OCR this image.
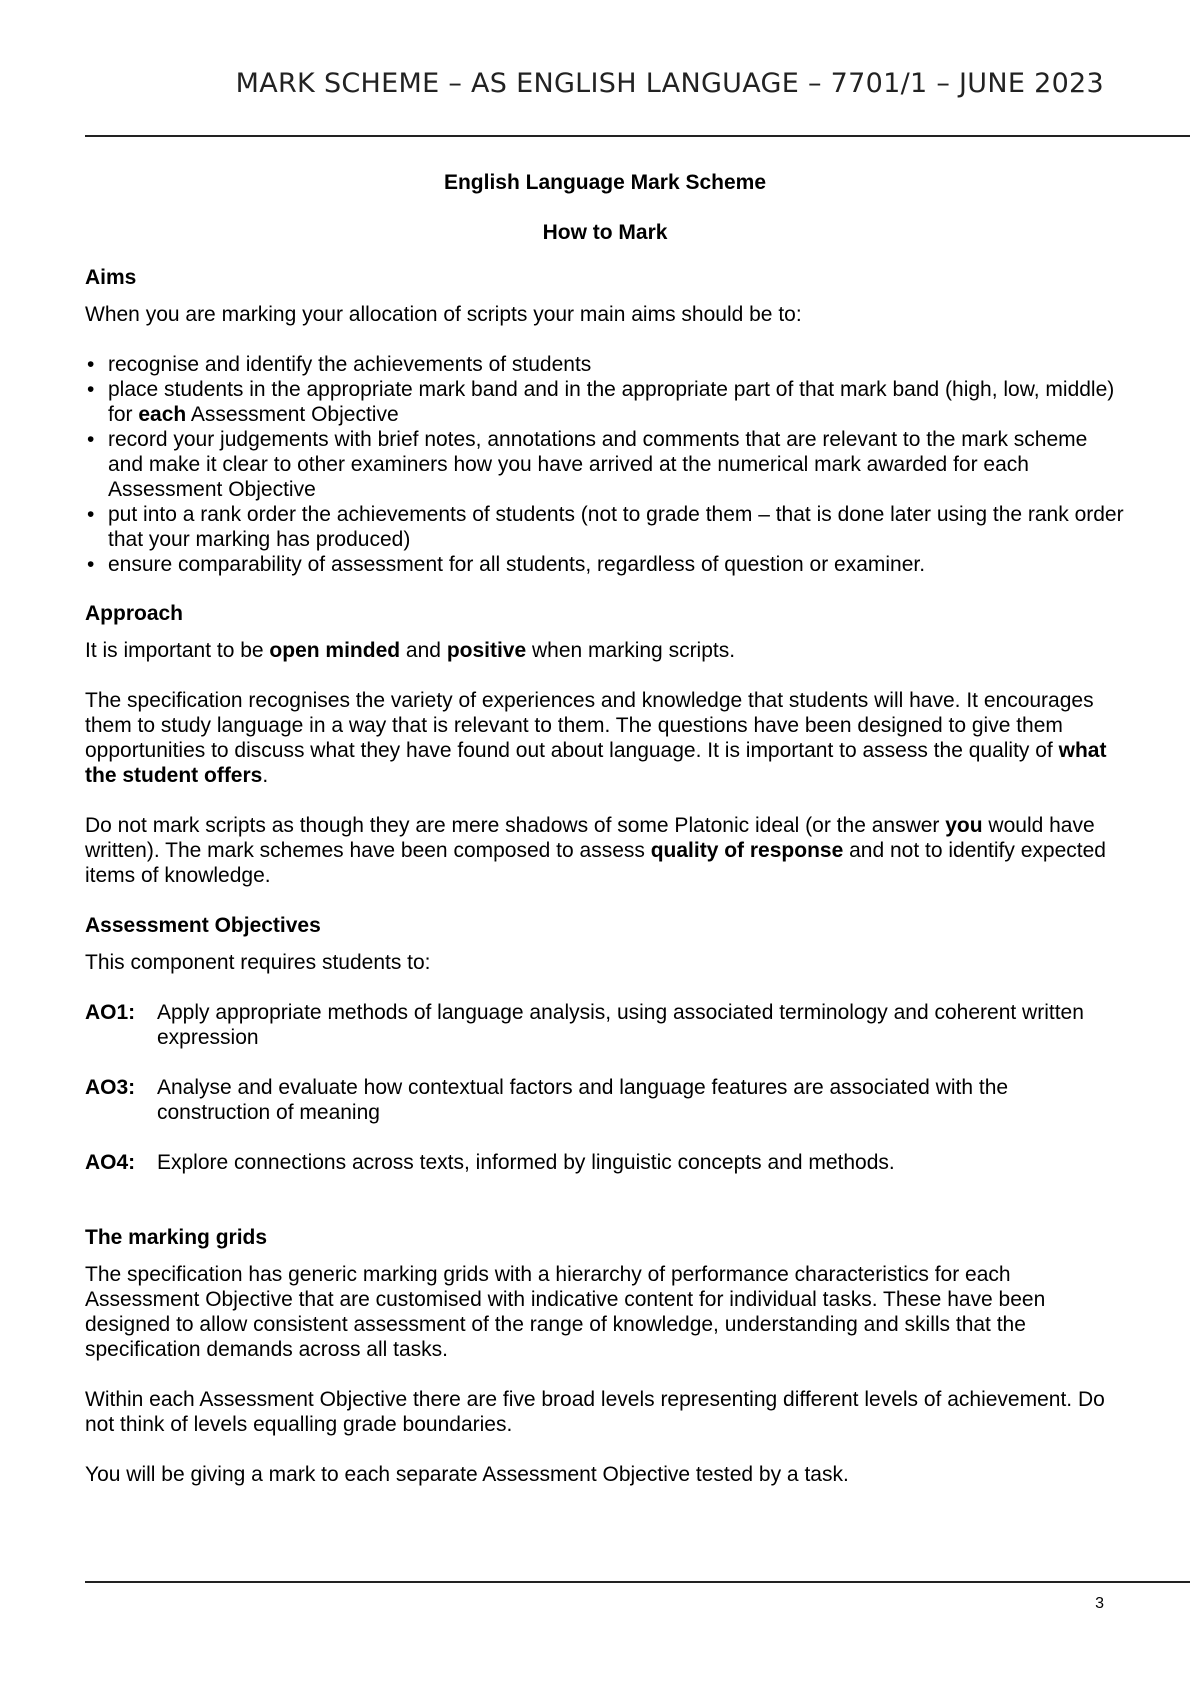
MARK SCHEME – AS ENGLISH LANGUAGE – 7701/1 – JUNE 2023
English Language Mark Scheme
How to Mark
Aims

When you are marking your allocation of scripts your main aims should be to:

• recognise and identify the achievements of students
• place students in the appropriate mark band and in the appropriate part of that mark band (high, low, middle) for each Assessment Objective
• record your judgements with brief notes, annotations and comments that are relevant to the mark scheme and make it clear to other examiners how you have arrived at the numerical mark awarded for each Assessment Objective
• put into a rank order the achievements of students (not to grade them – that is done later using the rank order that your marking has produced)
• ensure comparability of assessment for all students, regardless of question or examiner.
Approach

It is important to be open minded and positive when marking scripts.

The specification recognises the variety of experiences and knowledge that students will have. It encourages them to study language in a way that is relevant to them. The questions have been designed to give them opportunities to discuss what they have found out about language. It is important to assess the quality of what the student offers.

Do not mark scripts as though they are mere shadows of some Platonic ideal (or the answer you would have written). The mark schemes have been composed to assess quality of response and not to identify expected items of knowledge.

Assessment Objectives

This component requires students to:

AO1:	Apply appropriate methods of language analysis, using associated terminology and coherent written expression
AO3:	Analyse and evaluate how contextual factors and language features are associated with the construction of meaning
AO4:	Explore connections across texts, informed by linguistic concepts and methods.
The marking grids

The specification has generic marking grids with a hierarchy of performance characteristics for each Assessment Objective that are customised with indicative content for individual tasks. These have been designed to allow consistent assessment of the range of knowledge, understanding and skills that the specification demands across all tasks.

Within each Assessment Objective there are five broad levels representing different levels of achievement. Do not think of levels equalling grade boundaries.

You will be giving a mark to each separate Assessment Objective tested by a task.

3
